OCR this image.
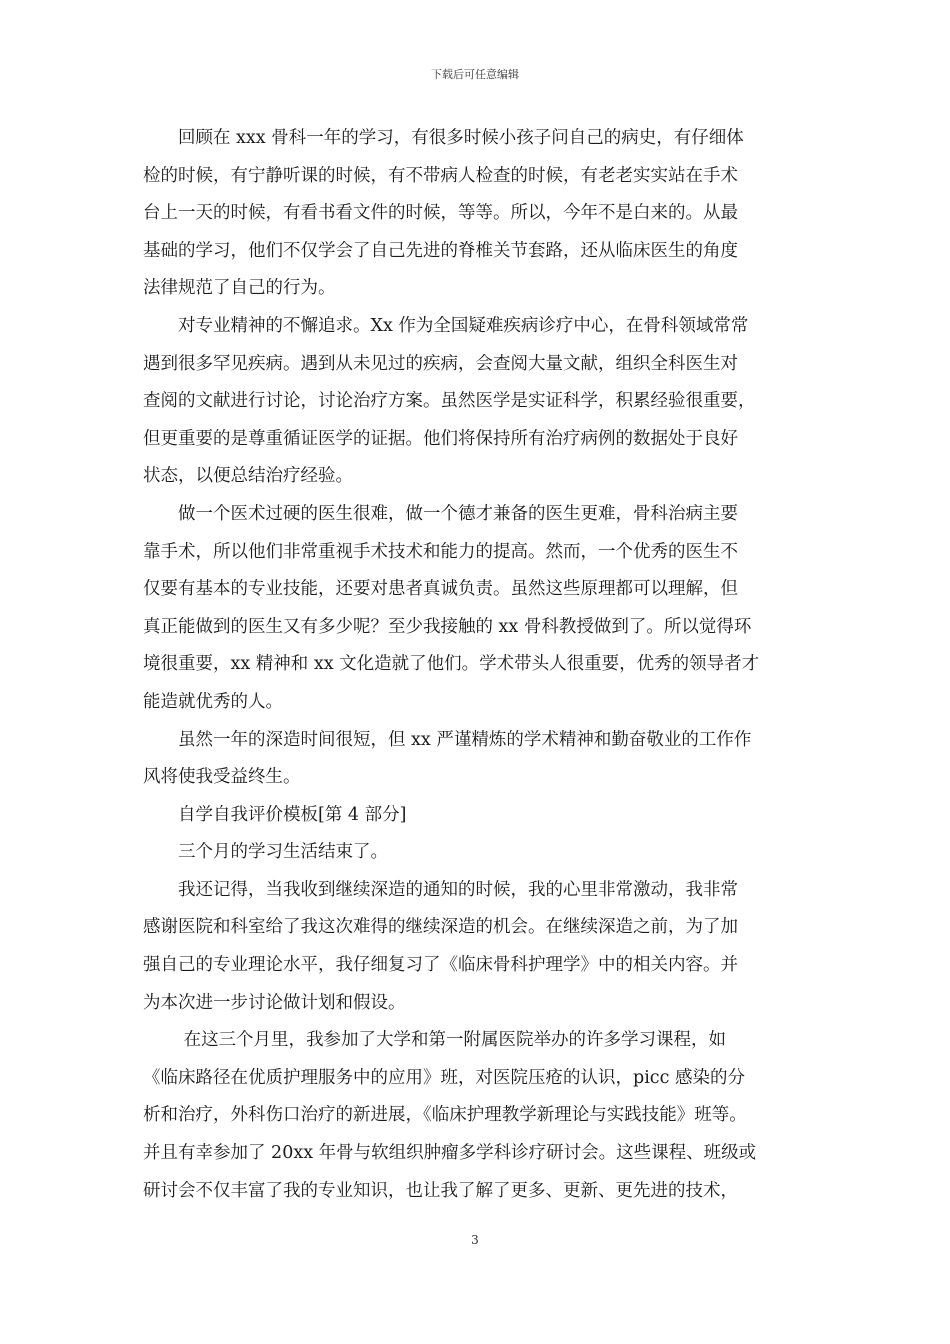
下载后可任意编辑
　　回顾在 xxx 骨科一年的学习，有很多时候小孩子问自己的病史，有仔细体
检的时候，有宁静听课的时候，有不带病人检查的时候，有老老实实站在手术
台上一天的时候，有看书看文件的时候，等等。所以，今年不是白来的。从最
基础的学习，他们不仅学会了自己先进的脊椎关节套路，还从临床医生的角度
法律规范了自己的行为。
　　对专业精神的不懈追求。Xx 作为全国疑难疾病诊疗中心，在骨科领域常常
遇到很多罕见疾病。遇到从未见过的疾病，会查阅大量文献，组织全科医生对
查阅的文献进行讨论，讨论治疗方案。虽然医学是实证科学，积累经验很重要，
但更重要的是尊重循证医学的证据。他们将保持所有治疗病例的数据处于良好
状态，以便总结治疗经验。
　　做一个医术过硬的医生很难，做一个德才兼备的医生更难，骨科治病主要
靠手术，所以他们非常重视手术技术和能力的提高。然而，一个优秀的医生不
仅要有基本的专业技能，还要对患者真诚负责。虽然这些原理都可以理解，但
真正能做到的医生又有多少呢？至少我接触的 xx 骨科教授做到了。所以觉得环
境很重要，xx 精神和 xx 文化造就了他们。学术带头人很重要，优秀的领导者才
能造就优秀的人。
　　虽然一年的深造时间很短，但 xx 严谨精炼的学术精神和勤奋敬业的工作作
风将使我受益终生。
　　自学自我评价模板[第 4 部分]
　　三个月的学习生活结束了。
　　我还记得，当我收到继续深造的通知的时候，我的心里非常激动，我非常
感谢医院和科室给了我这次难得的继续深造的机会。在继续深造之前，为了加
强自己的专业理论水平，我仔细复习了《临床骨科护理学》中的相关内容。并
为本次进一步讨论做计划和假设。
　　 在这三个月里，我参加了大学和第一附属医院举办的许多学习课程，如
《临床路径在优质护理服务中的应用》班，对医院压疮的认识，picc 感染的分
析和治疗，外科伤口治疗的新进展，《临床护理教学新理论与实践技能》班等。
并且有幸参加了 20xx 年骨与软组织肿瘤多学科诊疗研讨会。这些课程、班级或
研讨会不仅丰富了我的专业知识，也让我了解了更多、更新、更先进的技术，
3
